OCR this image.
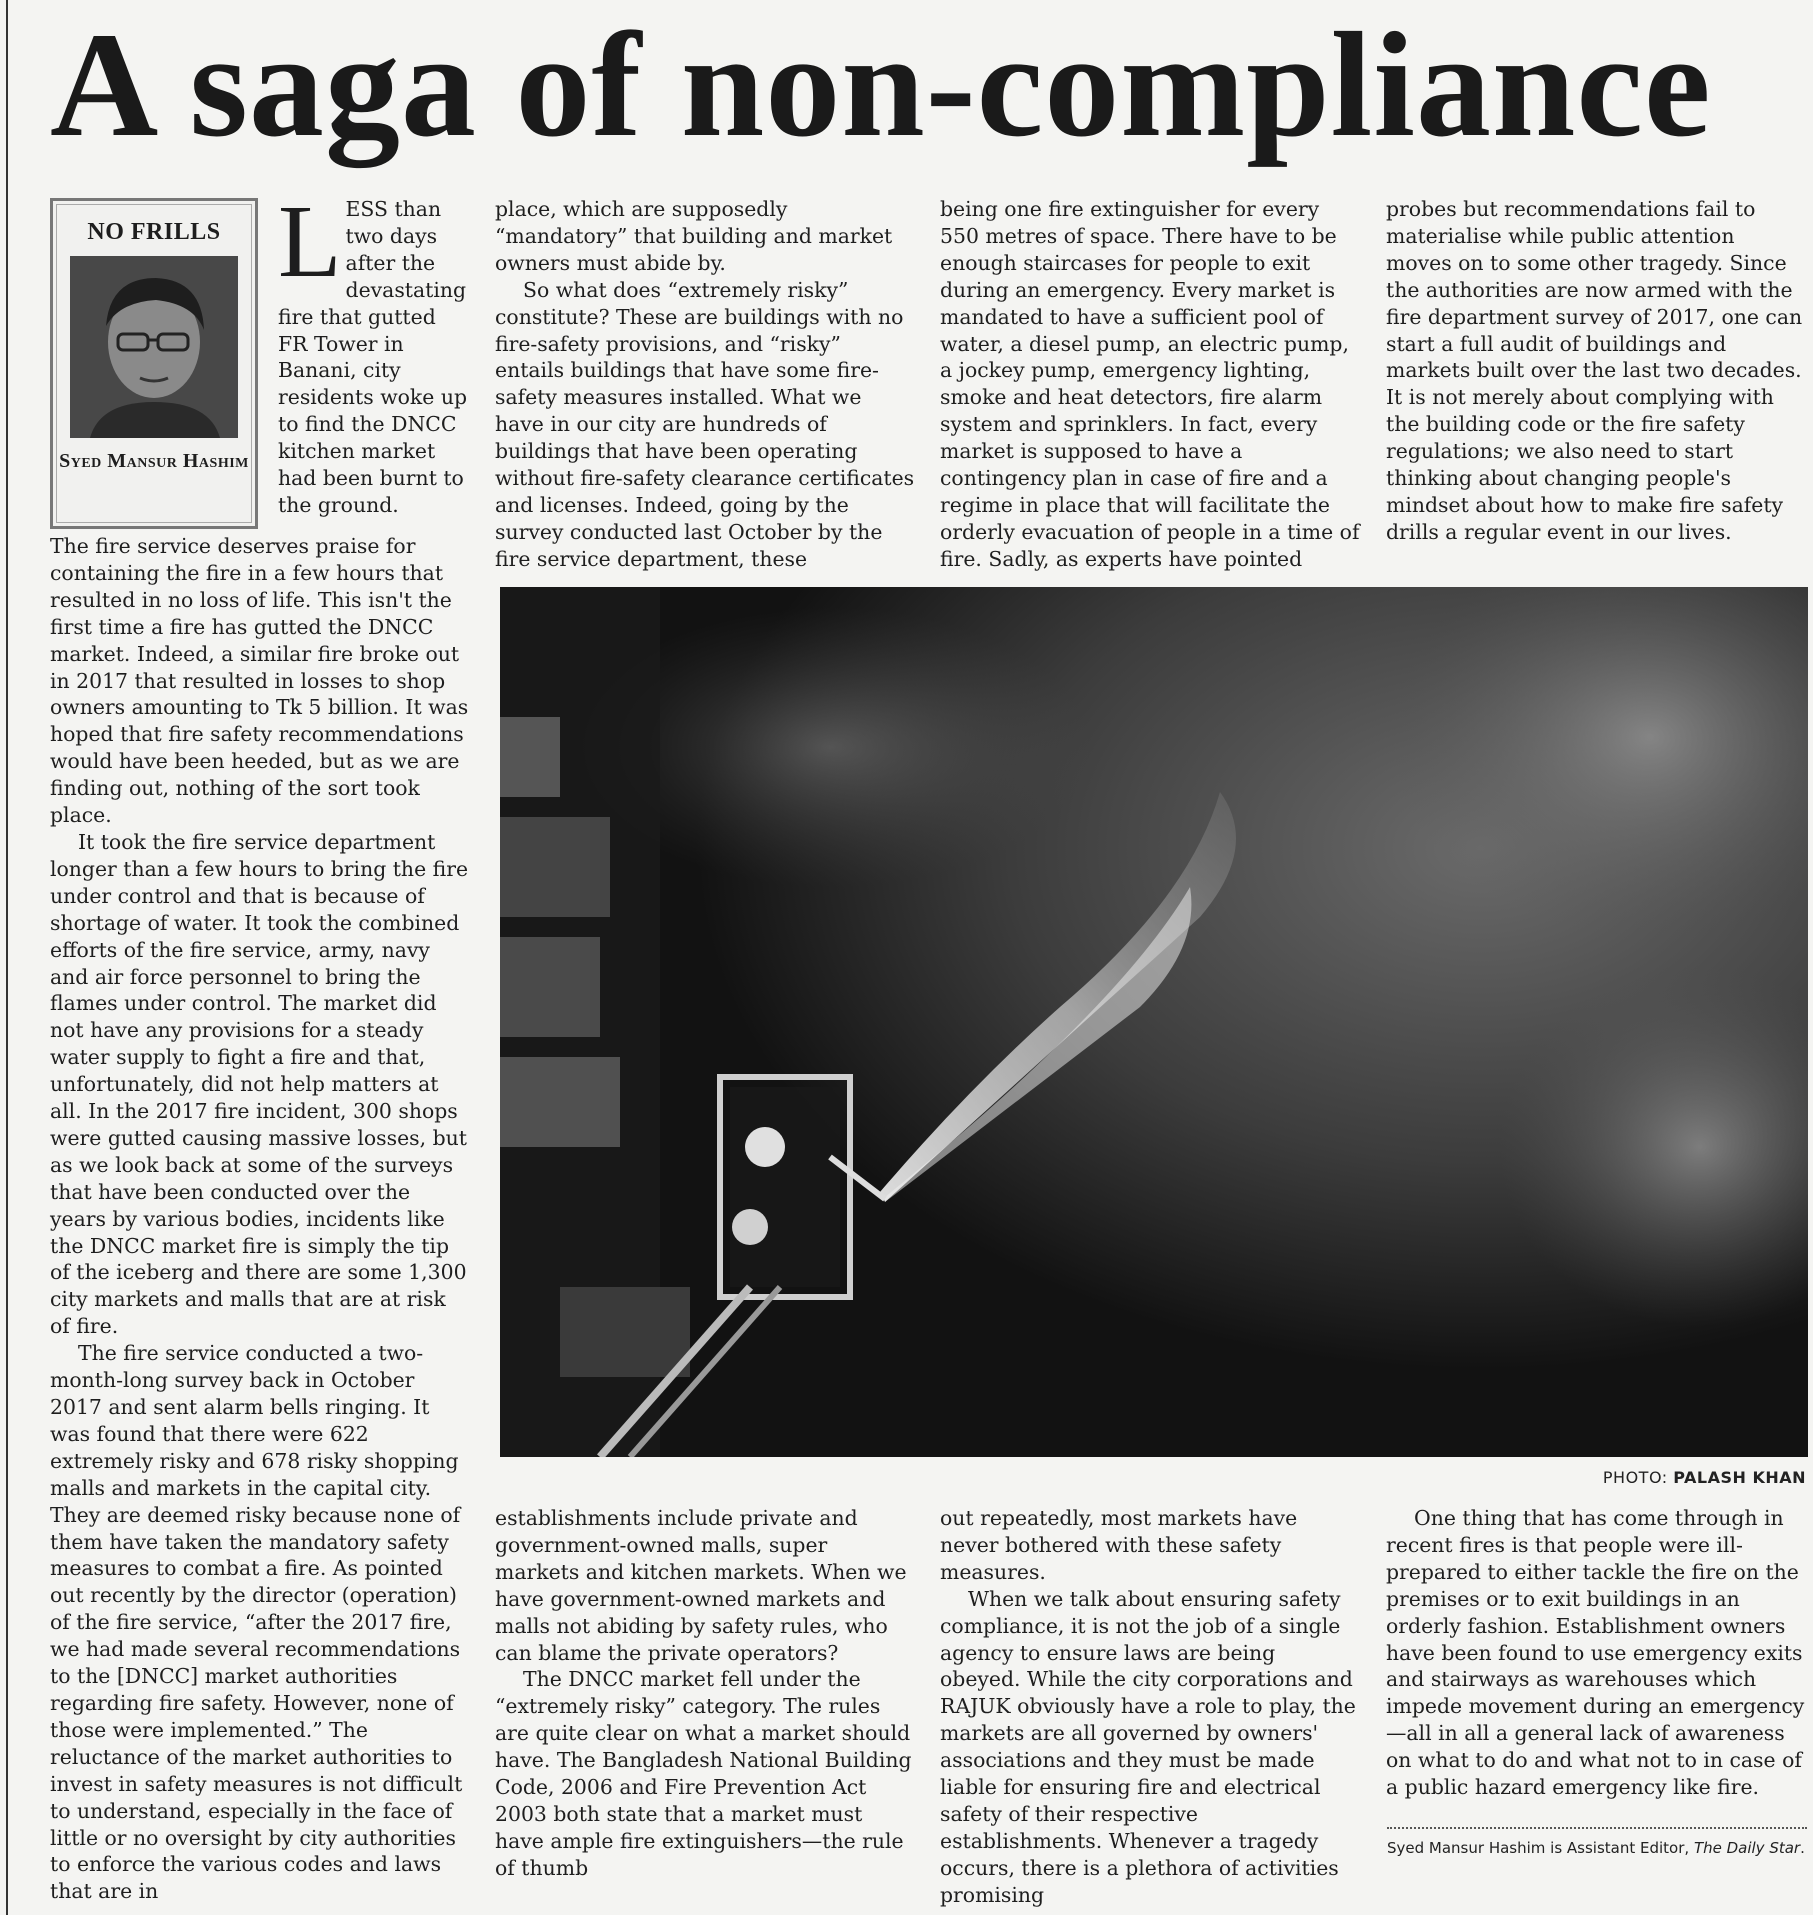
A saga of non-compliance
NO FRILLS
Syed Mansur Hashim

LESS than two days after the devastating fire that gutted FR Tower in Banani, city residents woke up to find the DNCC kitchen market had been burnt to the ground.

The fire service deserves praise for containing the fire in a few hours that resulted in no loss of life. This isn't the first time a fire has gutted the DNCC market. Indeed, a similar fire broke out in 2017 that resulted in losses to shop owners amounting to Tk 5 billion. It was hoped that fire safety recommendations would have been heeded, but as we are finding out, nothing of the sort took place.

It took the fire service department longer than a few hours to bring the fire under control and that is because of shortage of water. It took the combined efforts of the fire service, army, navy and air force personnel to bring the flames under control. The market did not have any provisions for a steady water supply to fight a fire and that, unfortunately, did not help matters at all. In the 2017 fire incident, 300 shops were gutted causing massive losses, but as we look back at some of the surveys that have been conducted over the years by various bodies, incidents like the DNCC market fire is simply the tip of the iceberg and there are some 1,300 city markets and malls that are at risk of fire.

The fire service conducted a two-month-long survey back in October 2017 and sent alarm bells ringing. It was found that there were 622 extremely risky and 678 risky shopping malls and markets in the capital city. They are deemed risky because none of them have taken the mandatory safety measures to combat a fire. As pointed out recently by the director (operation) of the fire service, “after the 2017 fire, we had made several recommendations to the [DNCC] market authorities regarding fire safety. However, none of those were implemented.” The reluctance of the market authorities to invest in safety measures is not difficult to understand, especially in the face of little or no oversight by city authorities to enforce the various codes and laws that are in

place, which are supposedly “mandatory” that building and market owners must abide by.

So what does “extremely risky” constitute? These are buildings with no fire-safety provisions, and “risky” entails buildings that have some fire-safety measures installed. What we have in our city are hundreds of buildings that have been operating without fire-safety clearance certificates and licenses. Indeed, going by the survey conducted last October by the fire service department, these

being one fire extinguisher for every 550 metres of space. There have to be enough staircases for people to exit during an emergency. Every market is mandated to have a sufficient pool of water, a diesel pump, an electric pump, a jockey pump, emergency lighting, smoke and heat detectors, fire alarm system and sprinklers. In fact, every market is supposed to have a contingency plan in case of fire and a regime in place that will facilitate the orderly evacuation of people in a time of fire. Sadly, as experts have pointed

probes but recommendations fail to materialise while public attention moves on to some other tragedy. Since the authorities are now armed with the fire department survey of 2017, one can start a full audit of buildings and markets built over the last two decades. It is not merely about complying with the building code or the fire safety regulations; we also need to start thinking about changing people's mindset about how to make fire safety drills a regular event in our lives.

PHOTO: PALASH KHAN

establishments include private and government-owned malls, super markets and kitchen markets. When we have government-owned markets and malls not abiding by safety rules, who can blame the private operators?

The DNCC market fell under the “extremely risky” category. The rules are quite clear on what a market should have. The Bangladesh National Building Code, 2006 and Fire Prevention Act 2003 both state that a market must have ample fire extinguishers—the rule of thumb

out repeatedly, most markets have never bothered with these safety measures.

When we talk about ensuring safety compliance, it is not the job of a single agency to ensure laws are being obeyed. While the city corporations and RAJUK obviously have a role to play, the markets are all governed by owners' associations and they must be made liable for ensuring fire and electrical safety of their respective establishments. Whenever a tragedy occurs, there is a plethora of activities promising

One thing that has come through in recent fires is that people were ill-prepared to either tackle the fire on the premises or to exit buildings in an orderly fashion. Establishment owners have been found to use emergency exits and stairways as warehouses which impede movement during an emergency—all in all a general lack of awareness on what to do and what not to in case of a public hazard emergency like fire.

Syed Mansur Hashim is Assistant Editor, The Daily Star.
